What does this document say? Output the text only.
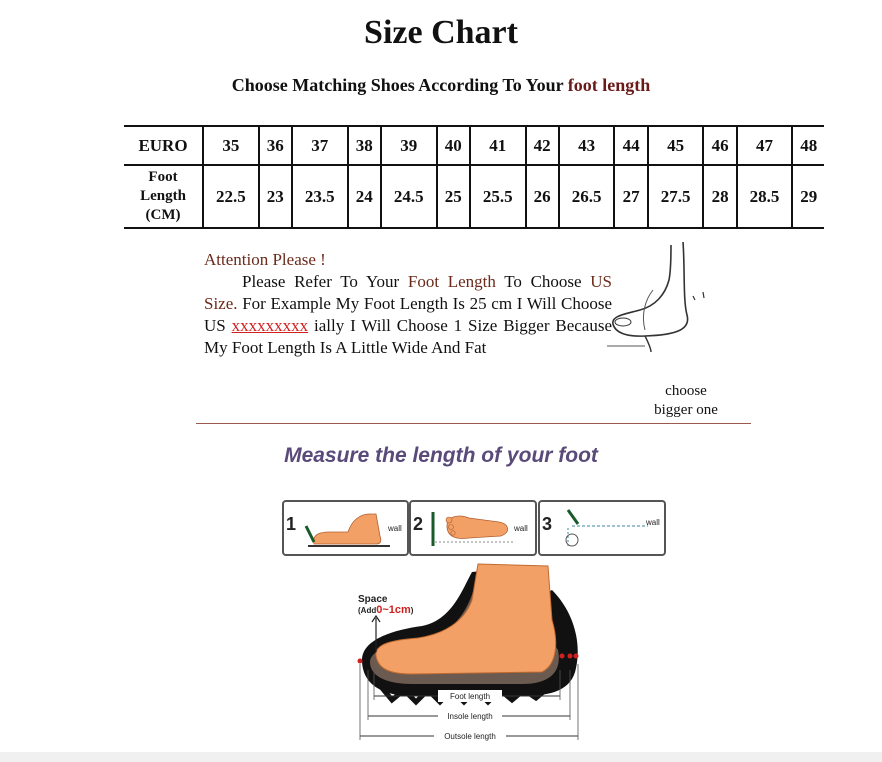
Size Chart
Choose Matching Shoes According To Your foot length
EURO	35	36	37	38	39	40	41	42	43	44	45	46	47	48
Foot
Length
(CM)	22.5	23	23.5	24	24.5	25	25.5	26	26.5	27	27.5	28	28.5	29
Attention Please !
Please Refer To Your Foot Length To Choose US Size. For Example My Foot Length Is 25 cm I Will Choose US xxxxxxxxx ially I Will Choose 1 Size Bigger Because My Foot Length Is A Little Wide And Fat
choose
bigger one
Measure the length of your foot
1	wall 2	wall 3	wall
Foot length
Insole length
Outsole length
Space
(Add0~1cm)
